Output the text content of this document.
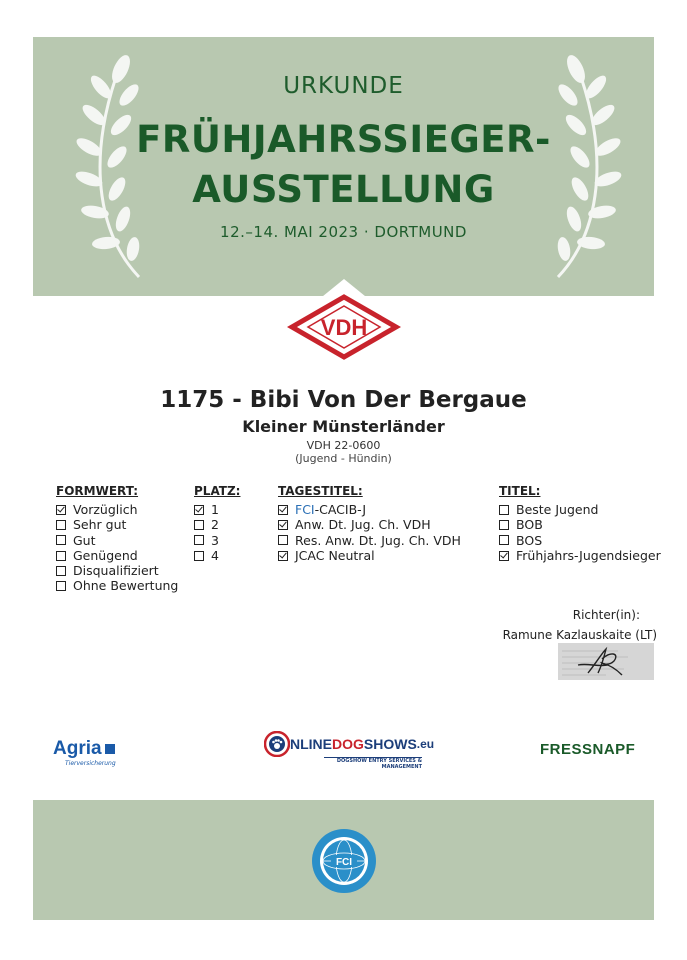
URKUNDE
FRÜHJAHRSSIEGER-
AUSSTELLUNG
12.–14. MAI 2023 · DORTMUND
VDH
1175 - Bibi Von Der Bergaue
Kleiner Münsterländer
VDH 22-0600
(Jugend - Hündin)
FORMWERT:
Vorzüglich
Sehr gut
Gut
Genügend
Disqualifiziert
Ohne Bewertung
PLATZ:
1
2
3
4
TAGESTITEL:
FCI -CACIB-J
Anw. Dt. Jug. Ch. VDH
Res. Anw. Dt. Jug. Ch. VDH
JCAC Neutral
TITEL:
Beste Jugend
BOB
BOS
Frühjahrs-Jugendsieger
Richter(in):
Ramune Kazlauskaite (LT)
Agria
Tierversicherung
NLINE DOG SHOWS .eu
DOGSHOW ENTRY SERVICES & MANAGEMENT
FRESSNAPF
FCI
